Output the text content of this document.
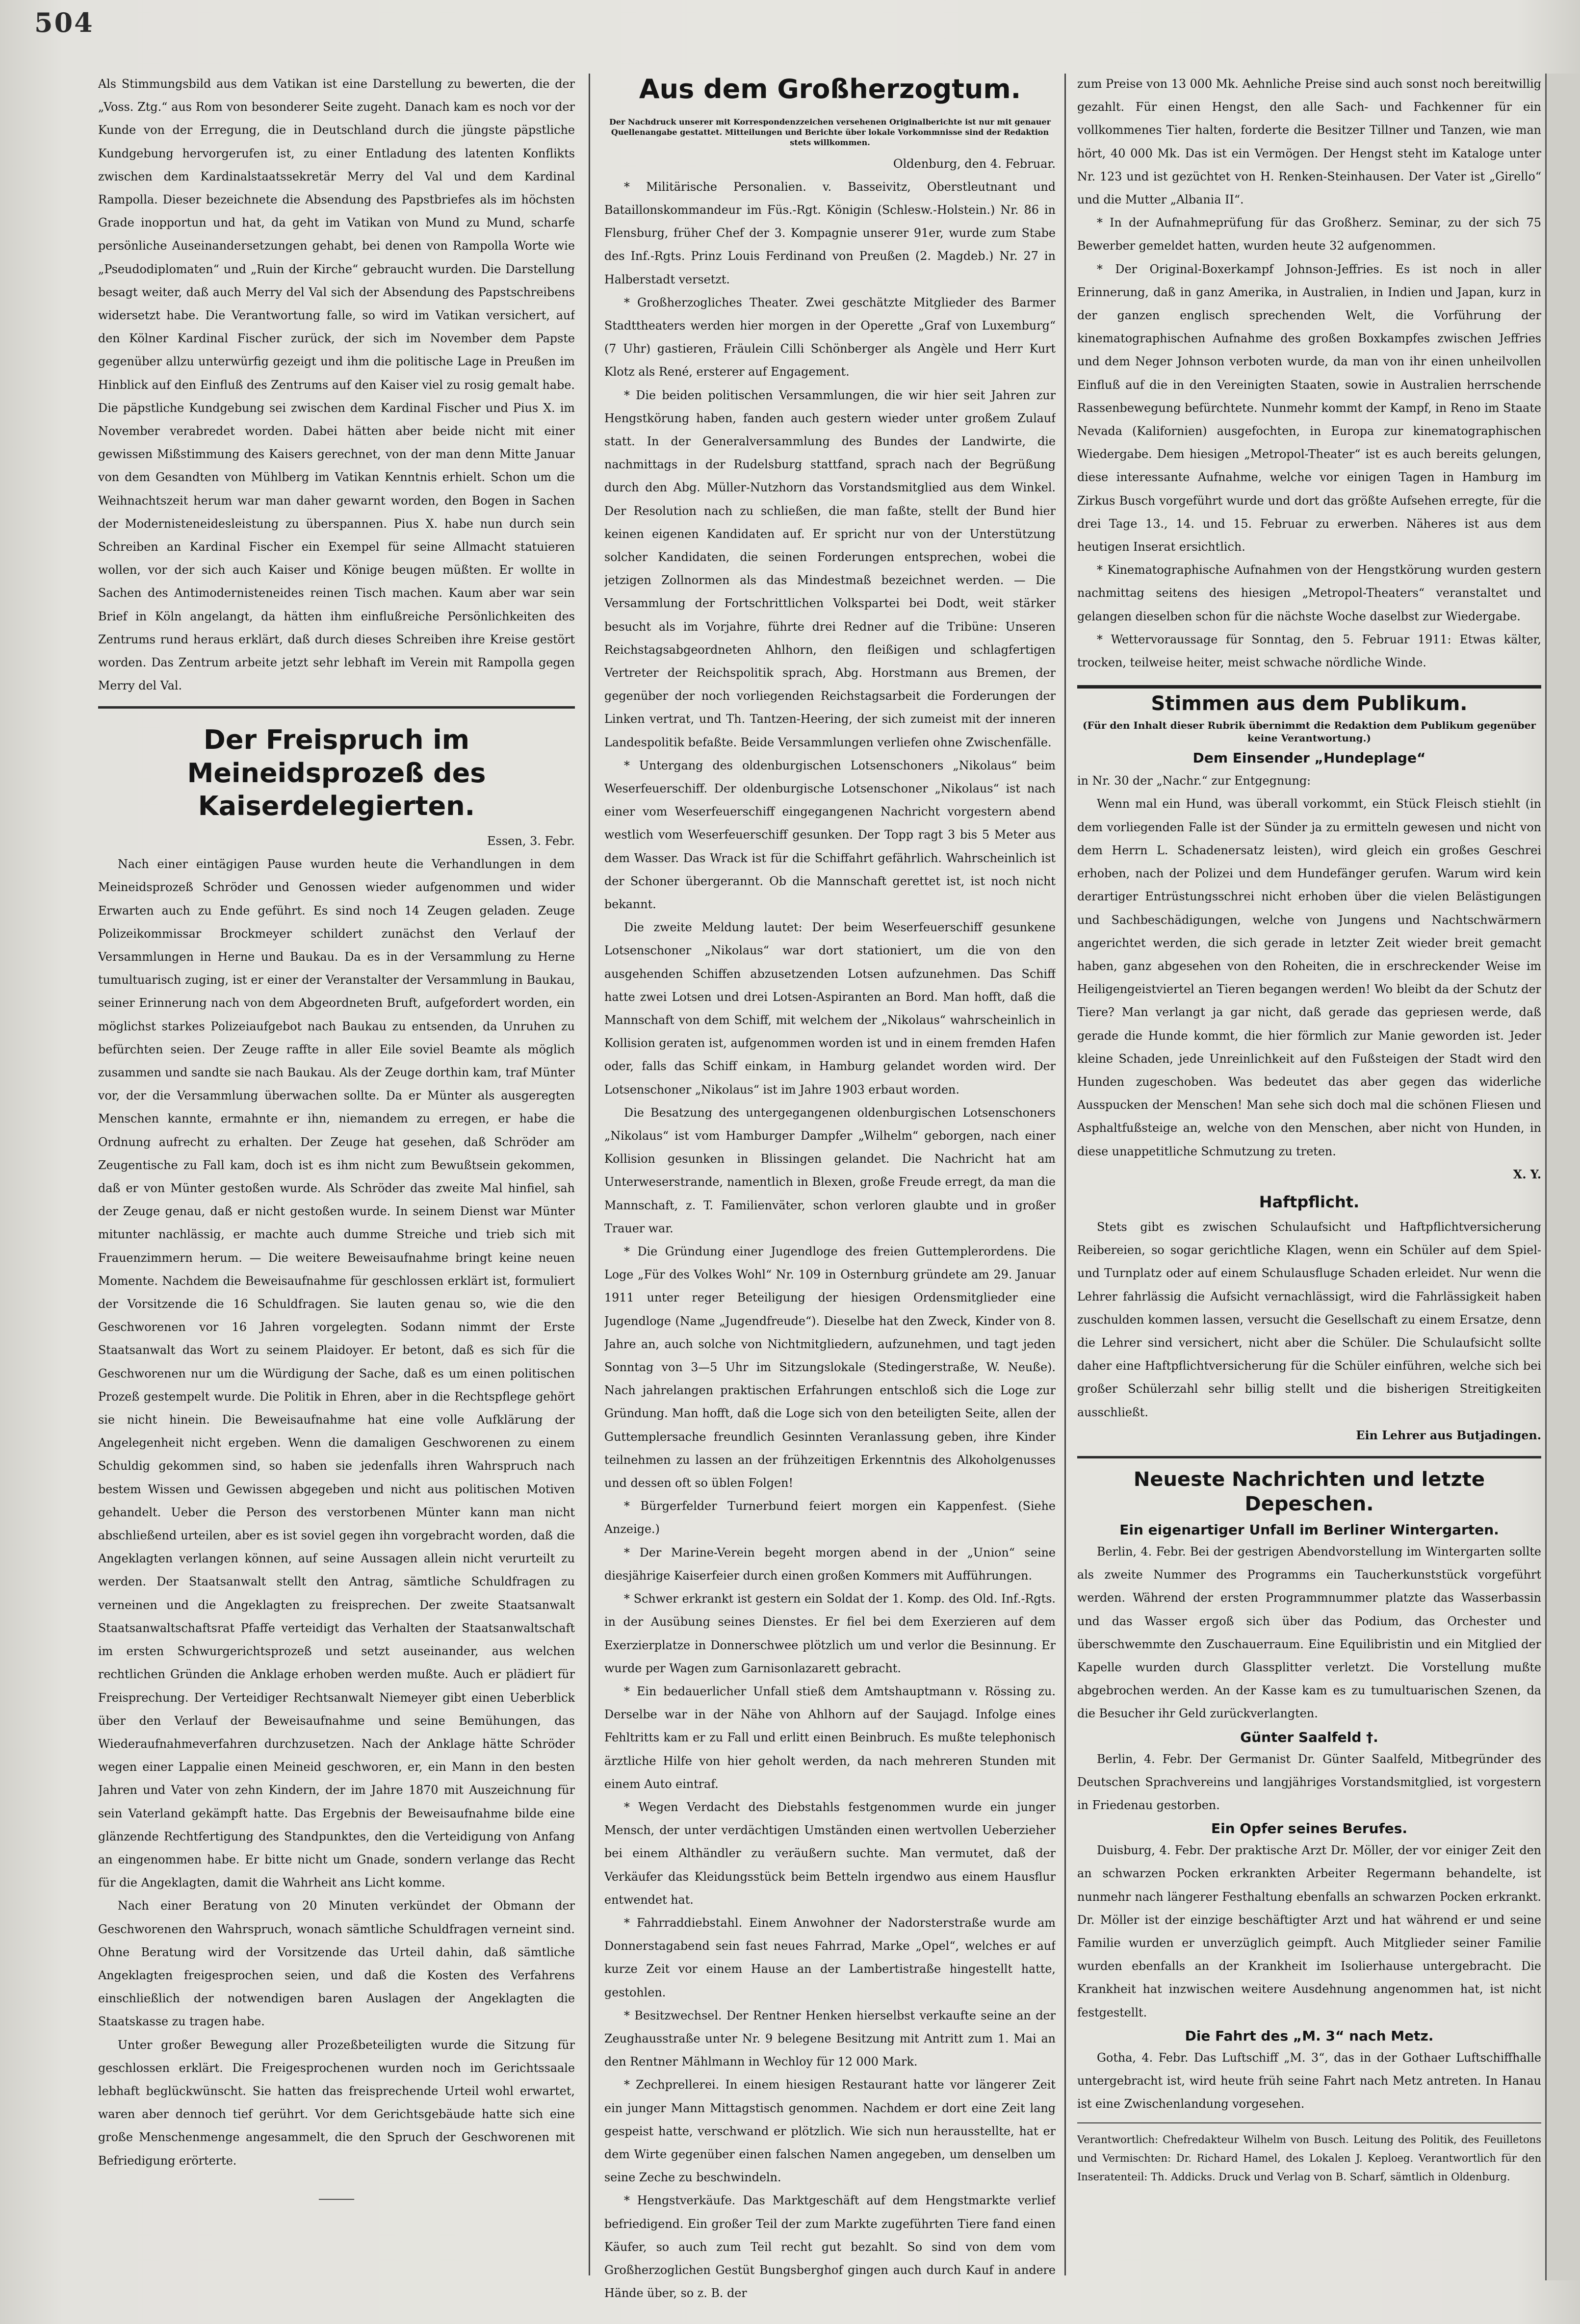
504

Als Stimmungsbild aus dem Vatikan ist eine Darstellung zu bewerten, die der „Voss. Ztg.“ aus Rom von besonderer Seite zugeht. Danach kam es noch vor der Kunde von der Erregung, die in Deutschland durch die jüngste päpstliche Kundgebung hervorgerufen ist, zu einer Entladung des latenten Konflikts zwischen dem Kardinalstaatssekretär Merry del Val und dem Kardinal Rampolla. Dieser bezeichnete die Absendung des Papstbriefes als im höchsten Grade inopportun und hat, da geht im Vatikan von Mund zu Mund, scharfe persönliche Auseinandersetzungen gehabt, bei denen von Rampolla Worte wie „Pseudodiplomaten“ und „Ruin der Kirche“ gebraucht wurden. Die Darstellung besagt weiter, daß auch Merry del Val sich der Absendung des Papstschreibens widersetzt habe. Die Verantwortung falle, so wird im Vatikan versichert, auf den Kölner Kardinal Fischer zurück, der sich im November dem Papste gegenüber allzu unterwürfig gezeigt und ihm die politische Lage in Preußen im Hinblick auf den Einfluß des Zentrums auf den Kaiser viel zu rosig gemalt habe. Die päpstliche Kundgebung sei zwischen dem Kardinal Fischer und Pius X. im November verabredet worden. Dabei hätten aber beide nicht mit einer gewissen Mißstimmung des Kaisers gerechnet, von der man denn Mitte Januar von dem Gesandten von Mühlberg im Vatikan Kenntnis erhielt. Schon um die Weihnachtszeit herum war man daher gewarnt worden, den Bogen in Sachen der Modernisteneidesleistung zu überspannen. Pius X. habe nun durch sein Schreiben an Kardinal Fischer ein Exempel für seine Allmacht statuieren wollen, vor der sich auch Kaiser und Könige beugen müßten. Er wollte in Sachen des Antimodernisteneides reinen Tisch machen. Kaum aber war sein Brief in Köln angelangt, da hätten ihm einflußreiche Persönlichkeiten des Zentrums rund heraus erklärt, daß durch dieses Schreiben ihre Kreise gestört worden. Das Zentrum arbeite jetzt sehr lebhaft im Verein mit Rampolla gegen Merry del Val.

Der Freispruch im Meineidsprozeß des Kaiserdelegierten.
Essen, 3. Febr.

Nach einer eintägigen Pause wurden heute die Verhandlungen in dem Meineidsprozeß Schröder und Genossen wieder aufgenommen und wider Erwarten auch zu Ende geführt. Es sind noch 14 Zeugen geladen. Zeuge Polizeikommissar Brockmeyer schildert zunächst den Verlauf der Versammlungen in Herne und Baukau. Da es in der Versammlung zu Herne tumultuarisch zuging, ist er einer der Veranstalter der Versammlung in Baukau, seiner Erinnerung nach von dem Abgeordneten Bruft, aufgefordert worden, ein möglichst starkes Polizeiaufgebot nach Baukau zu entsenden, da Unruhen zu befürchten seien. Der Zeuge raffte in aller Eile soviel Beamte als möglich zusammen und sandte sie nach Baukau. Als der Zeuge dorthin kam, traf Münter vor, der die Versammlung überwachen sollte. Da er Münter als ausgeregten Menschen kannte, ermahnte er ihn, niemandem zu erregen, er habe die Ordnung aufrecht zu erhalten. Der Zeuge hat gesehen, daß Schröder am Zeugentische zu Fall kam, doch ist es ihm nicht zum Bewußtsein gekommen, daß er von Münter gestoßen wurde. Als Schröder das zweite Mal hinfiel, sah der Zeuge genau, daß er nicht gestoßen wurde. In seinem Dienst war Münter mitunter nachlässig, er machte auch dumme Streiche und trieb sich mit Frauenzimmern herum. — Die weitere Beweisaufnahme bringt keine neuen Momente. Nachdem die Beweisaufnahme für geschlossen erklärt ist, formuliert der Vorsitzende die 16 Schuldfragen. Sie lauten genau so, wie die den Geschworenen vor 16 Jahren vorgelegten. Sodann nimmt der Erste Staatsanwalt das Wort zu seinem Plaidoyer. Er betont, daß es sich für die Geschworenen nur um die Würdigung der Sache, daß es um einen politischen Prozeß gestempelt wurde. Die Politik in Ehren, aber in die Rechtspflege gehört sie nicht hinein. Die Beweisaufnahme hat eine volle Aufklärung der Angelegenheit nicht ergeben. Wenn die damaligen Geschworenen zu einem Schuldig gekommen sind, so haben sie jedenfalls ihren Wahrspruch nach bestem Wissen und Gewissen abgegeben und nicht aus politischen Motiven gehandelt. Ueber die Person des verstorbenen Münter kann man nicht abschließend urteilen, aber es ist soviel gegen ihn vorgebracht worden, daß die Angeklagten verlangen können, auf seine Aussagen allein nicht verurteilt zu werden. Der Staatsanwalt stellt den Antrag, sämtliche Schuldfragen zu verneinen und die Angeklagten zu freisprechen. Der zweite Staatsanwalt Staatsanwaltschaftsrat Pfaffe verteidigt das Verhalten der Staatsanwaltschaft im ersten Schwurgerichtsprozeß und setzt auseinander, aus welchen rechtlichen Gründen die Anklage erhoben werden mußte. Auch er plädiert für Freisprechung. Der Verteidiger Rechtsanwalt Niemeyer gibt einen Ueberblick über den Verlauf der Beweisaufnahme und seine Bemühungen, das Wiederaufnahmeverfahren durchzusetzen. Nach der Anklage hätte Schröder wegen einer Lappalie einen Meineid geschworen, er, ein Mann in den besten Jahren und Vater von zehn Kindern, der im Jahre 1870 mit Auszeichnung für sein Vaterland gekämpft hatte. Das Ergebnis der Beweisaufnahme bilde eine glänzende Rechtfertigung des Standpunktes, den die Verteidigung von Anfang an eingenommen habe. Er bitte nicht um Gnade, sondern verlange das Recht für die Angeklagten, damit die Wahrheit ans Licht komme.

Nach einer Beratung von 20 Minuten verkündet der Obmann der Geschworenen den Wahrspruch, wonach sämtliche Schuldfragen verneint sind. Ohne Beratung wird der Vorsitzende das Urteil dahin, daß sämtliche Angeklagten freigesprochen seien, und daß die Kosten des Verfahrens einschließlich der notwendigen baren Auslagen der Angeklagten die Staatskasse zu tragen habe.

Unter großer Bewegung aller Prozeßbeteiligten wurde die Sitzung für geschlossen erklärt. Die Freigesprochenen wurden noch im Gerichtssaale lebhaft beglückwünscht. Sie hatten das freisprechende Urteil wohl erwartet, waren aber dennoch tief gerührt. Vor dem Gerichtsgebäude hatte sich eine große Menschenmenge angesammelt, die den Spruch der Geschworenen mit Befriedigung erörterte.

⸻
Aus dem Großherzogtum.
Der Nachdruck unserer mit Korrespondenzzeichen versehenen Originalberichte ist nur mit genauer Quellenangabe gestattet. Mitteilungen und Berichte über lokale Vorkommnisse sind der Redaktion stets willkommen.
Oldenburg, den 4. Februar.

* Militärische Personalien. v. Basseivitz, Oberstleutnant und Bataillonskommandeur im Füs.-Rgt. Königin (Schlesw.-Holstein.) Nr. 86 in Flensburg, früher Chef der 3. Kompagnie unserer 91er, wurde zum Stabe des Inf.-Rgts. Prinz Louis Ferdinand von Preußen (2. Magdeb.) Nr. 27 in Halberstadt versetzt.

* Großherzogliches Theater. Zwei geschätzte Mitglieder des Barmer Stadttheaters werden hier morgen in der Operette „Graf von Luxemburg“ (7 Uhr) gastieren, Fräulein Cilli Schönberger als Angèle und Herr Kurt Klotz als René, ersterer auf Engagement.

* Die beiden politischen Versammlungen, die wir hier seit Jahren zur Hengstkörung haben, fanden auch gestern wieder unter großem Zulauf statt. In der Generalversammlung des Bundes der Landwirte, die nachmittags in der Rudelsburg stattfand, sprach nach der Begrüßung durch den Abg. Müller-Nutzhorn das Vorstandsmitglied aus dem Winkel. Der Resolution nach zu schließen, die man faßte, stellt der Bund hier keinen eigenen Kandidaten auf. Er spricht nur von der Unterstützung solcher Kandidaten, die seinen Forderungen entsprechen, wobei die jetzigen Zollnormen als das Mindestmaß bezeichnet werden. — Die Versammlung der Fortschrittlichen Volkspartei bei Dodt, weit stärker besucht als im Vorjahre, führte drei Redner auf die Tribüne: Unseren Reichstagsabgeordneten Ahlhorn, den fleißigen und schlagfertigen Vertreter der Reichspolitik sprach, Abg. Horstmann aus Bremen, der gegenüber der noch vorliegenden Reichstagsarbeit die Forderungen der Linken vertrat, und Th. Tantzen-Heering, der sich zumeist mit der inneren Landespolitik befaßte. Beide Versammlungen verliefen ohne Zwischenfälle.

* Untergang des oldenburgischen Lotsenschoners „Nikolaus“ beim Weserfeuerschiff. Der oldenburgische Lotsenschoner „Nikolaus“ ist nach einer vom Weserfeuerschiff eingegangenen Nachricht vorgestern abend westlich vom Weserfeuerschiff gesunken. Der Topp ragt 3 bis 5 Meter aus dem Wasser. Das Wrack ist für die Schiffahrt gefährlich. Wahrscheinlich ist der Schoner übergerannt. Ob die Mannschaft gerettet ist, ist noch nicht bekannt.

Die zweite Meldung lautet: Der beim Weserfeuerschiff gesunkene Lotsenschoner „Nikolaus“ war dort stationiert, um die von den ausgehenden Schiffen abzusetzenden Lotsen aufzunehmen. Das Schiff hatte zwei Lotsen und drei Lotsen-Aspiranten an Bord. Man hofft, daß die Mannschaft von dem Schiff, mit welchem der „Nikolaus“ wahrscheinlich in Kollision geraten ist, aufgenommen worden ist und in einem fremden Hafen oder, falls das Schiff einkam, in Hamburg gelandet worden wird. Der Lotsenschoner „Nikolaus“ ist im Jahre 1903 erbaut worden.

Die Besatzung des untergegangenen oldenburgischen Lotsenschoners „Nikolaus“ ist vom Hamburger Dampfer „Wilhelm“ geborgen, nach einer Kollision gesunken in Blissingen gelandet. Die Nachricht hat am Unterweserstrande, namentlich in Blexen, große Freude erregt, da man die Mannschaft, z. T. Familienväter, schon verloren glaubte und in großer Trauer war.

* Die Gründung einer Jugendloge des freien Guttemplerordens. Die Loge „Für des Volkes Wohl“ Nr. 109 in Osternburg gründete am 29. Januar 1911 unter reger Beteiligung der hiesigen Ordensmitglieder eine Jugendloge (Name „Jugendfreude“). Dieselbe hat den Zweck, Kinder von 8. Jahre an, auch solche von Nichtmitgliedern, aufzunehmen, und tagt jeden Sonntag von 3—5 Uhr im Sitzungslokale (Stedingerstraße, W. Neuße). Nach jahrelangen praktischen Erfahrungen entschloß sich die Loge zur Gründung. Man hofft, daß die Loge sich von den beteiligten Seite, allen der Guttemplersache freundlich Gesinnten Veranlassung geben, ihre Kinder teilnehmen zu lassen an der frühzeitigen Erkenntnis des Alkoholgenusses und dessen oft so üblen Folgen!

* Bürgerfelder Turnerbund feiert morgen ein Kappenfest. (Siehe Anzeige.)

* Der Marine-Verein begeht morgen abend in der „Union“ seine diesjährige Kaiserfeier durch einen großen Kommers mit Aufführungen.

* Schwer erkrankt ist gestern ein Soldat der 1. Komp. des Old. Inf.-Rgts. in der Ausübung seines Dienstes. Er fiel bei dem Exerzieren auf dem Exerzierplatze in Donnerschwee plötzlich um und verlor die Besinnung. Er wurde per Wagen zum Garnisonlazarett gebracht.

* Ein bedauerlicher Unfall stieß dem Amtshauptmann v. Rössing zu. Derselbe war in der Nähe von Ahlhorn auf der Saujagd. Infolge eines Fehltritts kam er zu Fall und erlitt einen Beinbruch. Es mußte telephonisch ärztliche Hilfe von hier geholt werden, da nach mehreren Stunden mit einem Auto eintraf.

* Wegen Verdacht des Diebstahls festgenommen wurde ein junger Mensch, der unter verdächtigen Umständen einen wertvollen Ueberzieher bei einem Althändler zu veräußern suchte. Man vermutet, daß der Verkäufer das Kleidungsstück beim Betteln irgendwo aus einem Hausflur entwendet hat.

* Fahrraddiebstahl. Einem Anwohner der Nadorsterstraße wurde am Donnerstagabend sein fast neues Fahrrad, Marke „Opel“, welches er auf kurze Zeit vor einem Hause an der Lambertistraße hingestellt hatte, gestohlen.

* Besitzwechsel. Der Rentner Henken hierselbst verkaufte seine an der Zeughausstraße unter Nr. 9 belegene Besitzung mit Antritt zum 1. Mai an den Rentner Mählmann in Wechloy für 12 000 Mark.

* Zechprellerei. In einem hiesigen Restaurant hatte vor längerer Zeit ein junger Mann Mittagstisch genommen. Nachdem er dort eine Zeit lang gespeist hatte, verschwand er plötzlich. Wie sich nun herausstellte, hat er dem Wirte gegenüber einen falschen Namen angegeben, um denselben um seine Zeche zu beschwindeln.

* Hengstverkäufe. Das Marktgeschäft auf dem Hengstmarkte verlief befriedigend. Ein großer Teil der zum Markte zugeführten Tiere fand einen Käufer, so auch zum Teil recht gut bezahlt. So sind von dem vom Großherzoglichen Gestüt Bungsberghof gingen auch durch Kauf in andere Hände über, so z. B. der

zum Preise von 13 000 Mk. Aehnliche Preise sind auch sonst noch bereitwillig gezahlt. Für einen Hengst, den alle Sach- und Fachkenner für ein vollkommenes Tier halten, forderte die Besitzer Tillner und Tanzen, wie man hört, 40 000 Mk. Das ist ein Vermögen. Der Hengst steht im Kataloge unter Nr. 123 und ist gezüchtet von H. Renken-Steinhausen. Der Vater ist „Girello“ und die Mutter „Albania II“.

* In der Aufnahmeprüfung für das Großherz. Seminar, zu der sich 75 Bewerber gemeldet hatten, wurden heute 32 aufgenommen.

* Der Original-Boxerkampf Johnson-Jeffries. Es ist noch in aller Erinnerung, daß in ganz Amerika, in Australien, in Indien und Japan, kurz in der ganzen englisch sprechenden Welt, die Vorführung der kinematographischen Aufnahme des großen Boxkampfes zwischen Jeffries und dem Neger Johnson verboten wurde, da man von ihr einen unheilvollen Einfluß auf die in den Vereinigten Staaten, sowie in Australien herrschende Rassenbewegung befürchtete. Nunmehr kommt der Kampf, in Reno im Staate Nevada (Kalifornien) ausgefochten, in Europa zur kinematographischen Wiedergabe. Dem hiesigen „Metropol-Theater“ ist es auch bereits gelungen, diese interessante Aufnahme, welche vor einigen Tagen in Hamburg im Zirkus Busch vorgeführt wurde und dort das größte Aufsehen erregte, für die drei Tage 13., 14. und 15. Februar zu erwerben. Näheres ist aus dem heutigen Inserat ersichtlich.

* Kinematographische Aufnahmen von der Hengstkörung wurden gestern nachmittag seitens des hiesigen „Metropol-Theaters“ veranstaltet und gelangen dieselben schon für die nächste Woche daselbst zur Wiedergabe.

* Wettervoraussage für Sonntag, den 5. Februar 1911: Etwas kälter, trocken, teilweise heiter, meist schwache nördliche Winde.

Stimmen aus dem Publikum.
(Für den Inhalt dieser Rubrik übernimmt die Redaktion dem Publikum gegenüber keine Verantwortung.)
Dem Einsender „Hundeplage“

in Nr. 30 der „Nachr.“ zur Entgegnung:

Wenn mal ein Hund, was überall vorkommt, ein Stück Fleisch stiehlt (in dem vorliegenden Falle ist der Sünder ja zu ermitteln gewesen und nicht von dem Herrn L. Schadenersatz leisten), wird gleich ein großes Geschrei erhoben, nach der Polizei und dem Hundefänger gerufen. Warum wird kein derartiger Entrüstungsschrei nicht erhoben über die vielen Belästigungen und Sachbeschädigungen, welche von Jungens und Nachtschwärmern angerichtet werden, die sich gerade in letzter Zeit wieder breit gemacht haben, ganz abgesehen von den Roheiten, die in erschreckender Weise im Heiligengeistviertel an Tieren begangen werden! Wo bleibt da der Schutz der Tiere? Man verlangt ja gar nicht, daß gerade das gepriesen werde, daß gerade die Hunde kommt, die hier förmlich zur Manie geworden ist. Jeder kleine Schaden, jede Unreinlichkeit auf den Fußsteigen der Stadt wird den Hunden zugeschoben. Was bedeutet das aber gegen das widerliche Ausspucken der Menschen! Man sehe sich doch mal die schönen Fliesen und Asphaltfußsteige an, welche von den Menschen, aber nicht von Hunden, in diese unappetitliche Schmutzung zu treten.

X. Y.
Haftpflicht.

Stets gibt es zwischen Schulaufsicht und Haftpflichtversicherung Reibereien, so sogar gerichtliche Klagen, wenn ein Schüler auf dem Spiel- und Turnplatz oder auf einem Schulausfluge Schaden erleidet. Nur wenn die Lehrer fahrlässig die Aufsicht vernachlässigt, wird die Fahrlässigkeit haben zuschulden kommen lassen, versucht die Gesellschaft zu einem Ersatze, denn die Lehrer sind versichert, nicht aber die Schüler. Die Schulaufsicht sollte daher eine Haftpflichtversicherung für die Schüler einführen, welche sich bei großer Schülerzahl sehr billig stellt und die bisherigen Streitigkeiten ausschließt.

Ein Lehrer aus Butjadingen.
Neueste Nachrichten und letzte Depeschen.
Ein eigenartiger Unfall im Berliner Wintergarten.

Berlin, 4. Febr. Bei der gestrigen Abendvorstellung im Wintergarten sollte als zweite Nummer des Programms ein Taucherkunststück vorgeführt werden. Während der ersten Programmnummer platzte das Wasserbassin und das Wasser ergoß sich über das Podium, das Orchester und überschwemmte den Zuschauerraum. Eine Equilibristin und ein Mitglied der Kapelle wurden durch Glassplitter verletzt. Die Vorstellung mußte abgebrochen werden. An der Kasse kam es zu tumultuarischen Szenen, da die Besucher ihr Geld zurückverlangten.

Günter Saalfeld †.

Berlin, 4. Febr. Der Germanist Dr. Günter Saalfeld, Mitbegründer des Deutschen Sprachvereins und langjähriges Vorstandsmitglied, ist vorgestern in Friedenau gestorben.

Ein Opfer seines Berufes.

Duisburg, 4. Febr. Der praktische Arzt Dr. Möller, der vor einiger Zeit den an schwarzen Pocken erkrankten Arbeiter Regermann behandelte, ist nunmehr nach längerer Festhaltung ebenfalls an schwarzen Pocken erkrankt. Dr. Möller ist der einzige beschäftigter Arzt und hat während er und seine Familie wurden er unverzüglich geimpft. Auch Mitglieder seiner Familie wurden ebenfalls an der Krankheit im Isolierhause untergebracht. Die Krankheit hat inzwischen weitere Ausdehnung angenommen hat, ist nicht festgestellt.

Die Fahrt des „M. 3“ nach Metz.

Gotha, 4. Febr. Das Luftschiff „M. 3“, das in der Gothaer Luftschiffhalle untergebracht ist, wird heute früh seine Fahrt nach Metz antreten. In Hanau ist eine Zwischenlandung vorgesehen.

Verantwortlich: Chefredakteur Wilhelm von Busch. Leitung des Politik, des Feuilletons und Vermischten: Dr. Richard Hamel, des Lokalen J. Keploeg. Verantwortlich für den Inseratenteil: Th. Addicks. Druck und Verlag von B. Scharf, sämtlich in Oldenburg.
